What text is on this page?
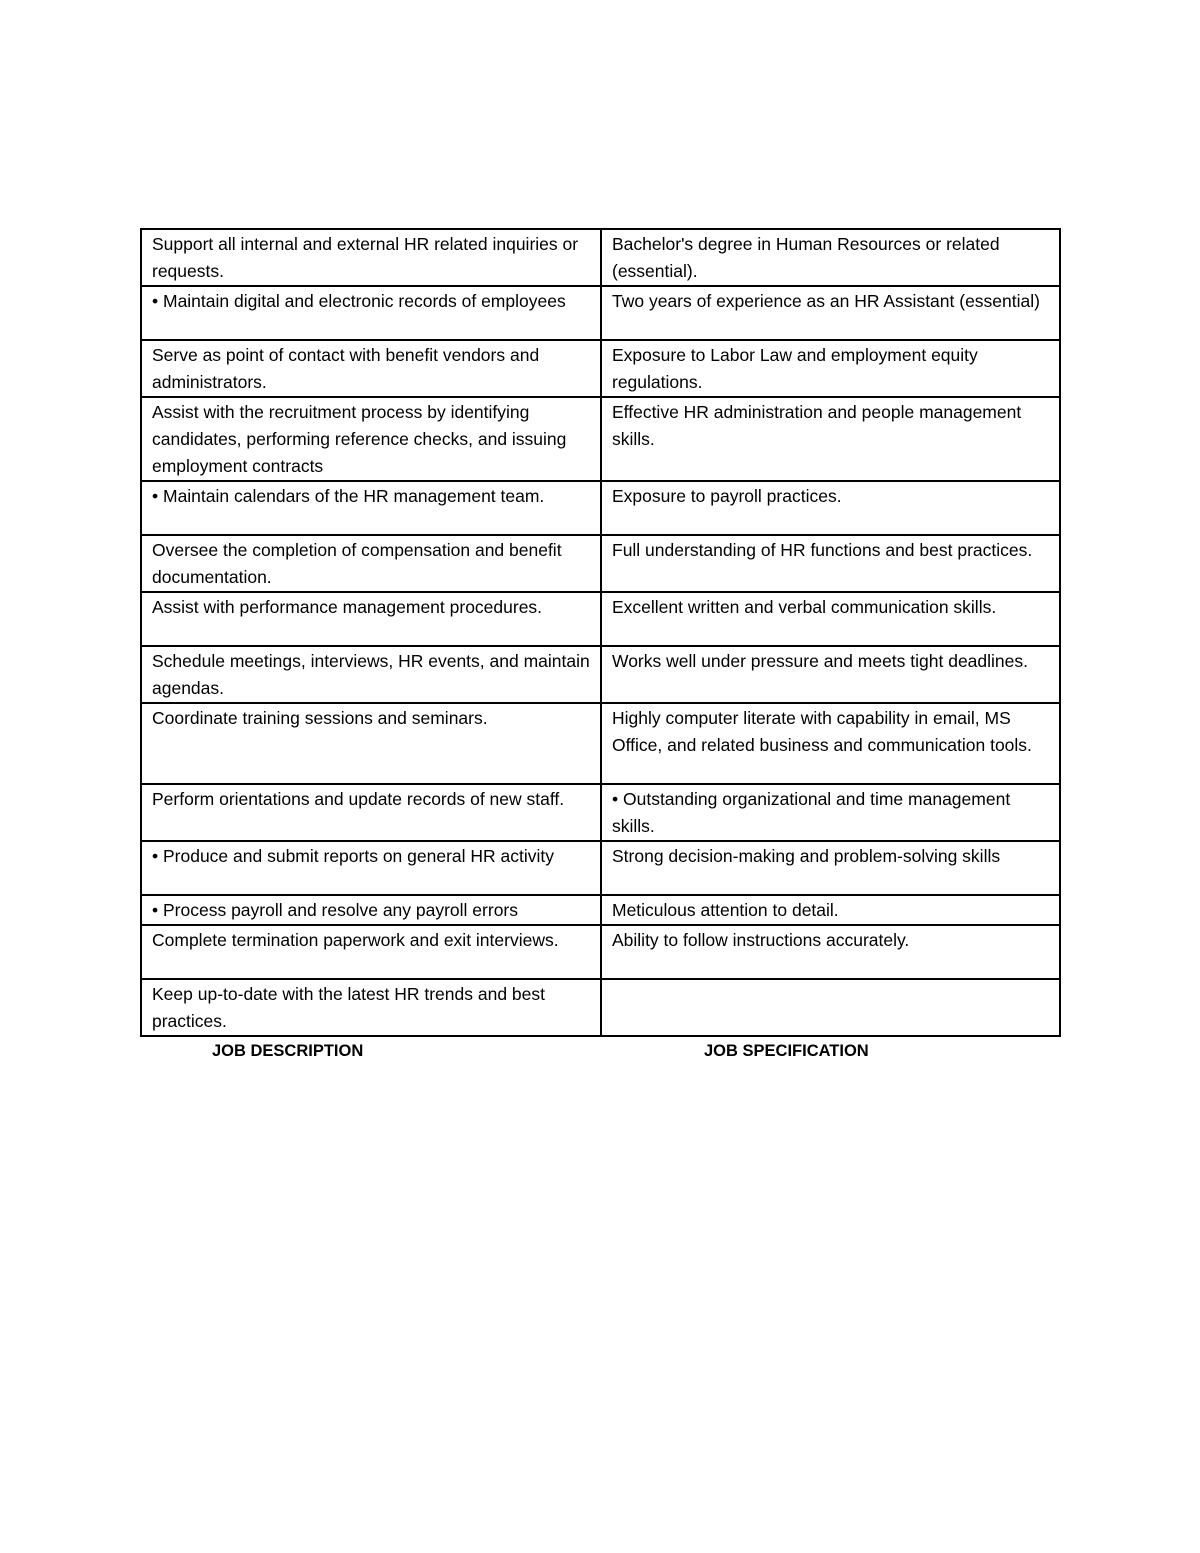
Support all internal and external HR related inquiries or requests.	Bachelor's degree in Human Resources or related (essential).
• Maintain digital and electronic records of employees	Two years of experience as an HR Assistant (essential)
Serve as point of contact with benefit vendors and administrators.	Exposure to Labor Law and employment equity regulations.
Assist with the recruitment process by identifying candidates, performing reference checks, and issuing employment contracts	Effective HR administration and people management skills.
• Maintain calendars of the HR management team.	Exposure to payroll practices.
Oversee the completion of compensation and benefit documentation.	Full understanding of HR functions and best practices.
Assist with performance management procedures.	Excellent written and verbal communication skills.
Schedule meetings, interviews, HR events, and maintain agendas.	Works well under pressure and meets tight deadlines.
Coordinate training sessions and seminars.	Highly computer literate with capability in email, MS Office, and related business and communication tools.
Perform orientations and update records of new staff.	• Outstanding organizational and time management skills.
• Produce and submit reports on general HR activity	Strong decision-making and problem-solving skills
• Process payroll and resolve any payroll errors	Meticulous attention to detail.
Complete termination paperwork and exit interviews.	Ability to follow instructions accurately.
Keep up-to-date with the latest HR trends and best practices.	
JOB DESCRIPTION	JOB SPECIFICATION
